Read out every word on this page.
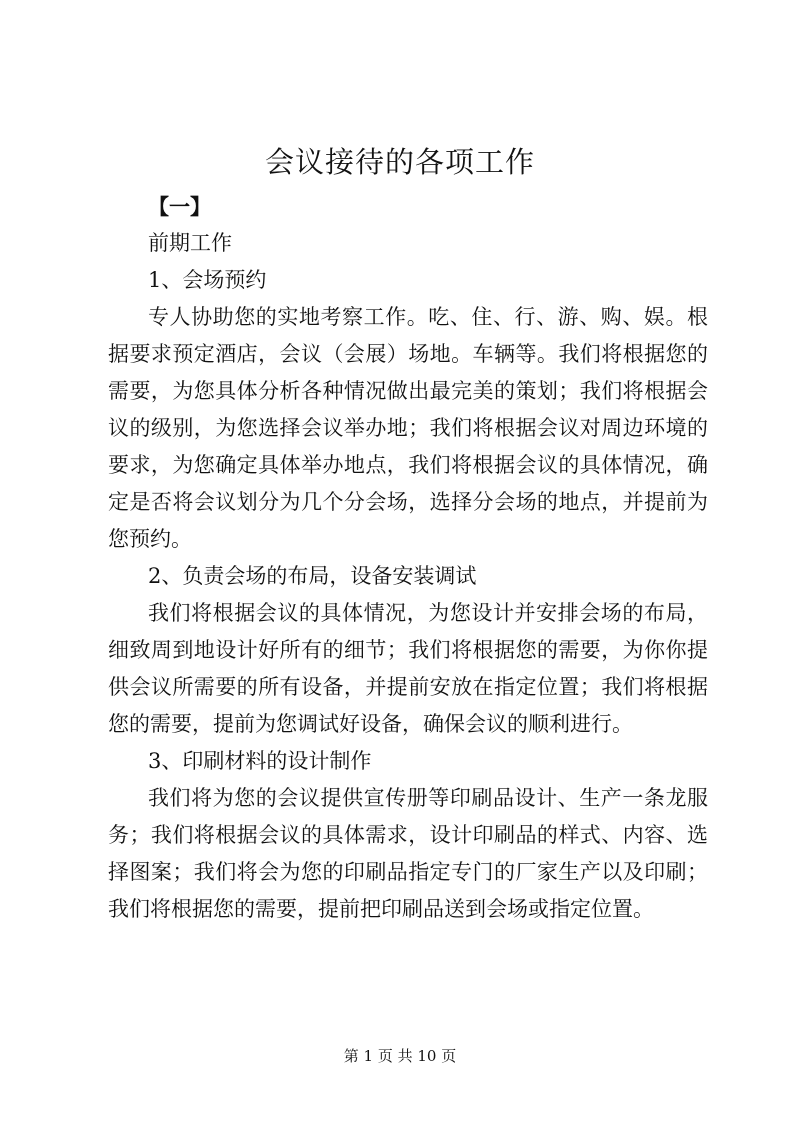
会议接待的各项工作
【一】
前期工作
1、会场预约
专人协助您的实地考察工作。吃、住、行、游、购、娱。根
据要求预定酒店，会议（会展）场地。车辆等。我们将根据您的
需要，为您具体分析各种情况做出最完美的策划；我们将根据会
议的级别，为您选择会议举办地；我们将根据会议对周边环境的
要求，为您确定具体举办地点，我们将根据会议的具体情况，确
定是否将会议划分为几个分会场，选择分会场的地点，并提前为
您预约。
2、负责会场的布局，设备安装调试
我们将根据会议的具体情况，为您设计并安排会场的布局，
细致周到地设计好所有的细节；我们将根据您的需要，为你你提
供会议所需要的所有设备，并提前安放在指定位置；我们将根据
您的需要，提前为您调试好设备，确保会议的顺利进行。
3、印刷材料的设计制作
我们将为您的会议提供宣传册等印刷品设计、生产一条龙服
务；我们将根据会议的具体需求，设计印刷品的样式、内容、选
择图案；我们将会为您的印刷品指定专门的厂家生产以及印刷；
我们将根据您的需要，提前把印刷品送到会场或指定位置。
第 1 页 共 10 页
